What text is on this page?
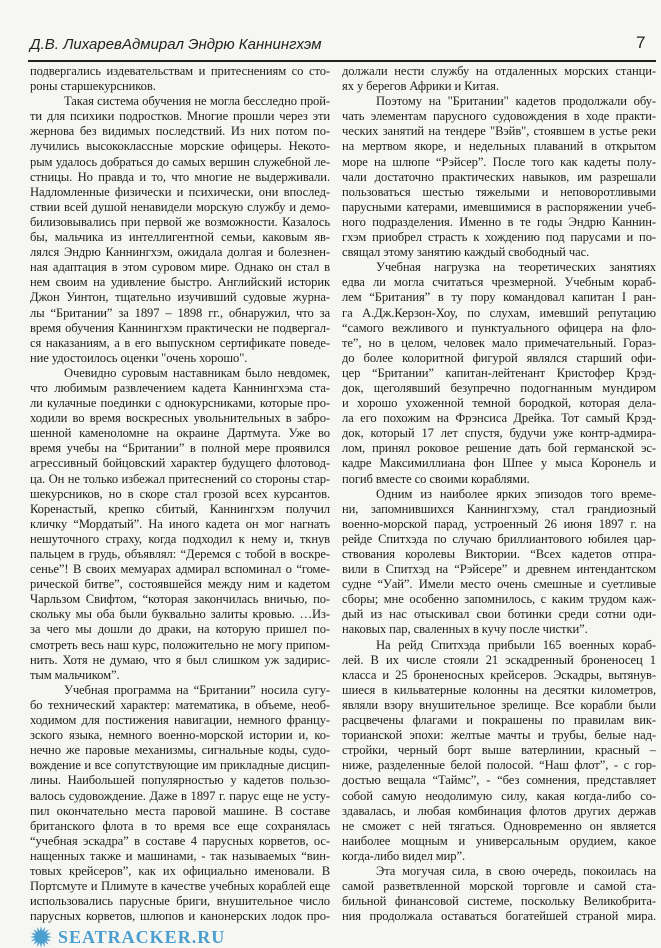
Д.В. Лихарев Адмирал Эндрю Каннингхэм	7
подвергались издевательствам и притеснениям со сто-
роны старшекурсников.
Такая система обучения не могла бесследно прой-
ти для психики подростков. Многие прошли через эти
жернова без видимых последствий. Из них потом по-
лучились высококлассные морские офицеры. Некото-
рым удалось добраться до самых вершин служебной ле-
стницы. Но правда и то, что многие не выдерживали.
Надломленные физически и психически, они впослед-
ствии всей душой ненавидели морскую службу и демо-
билизовывались при первой же возможности. Казалось
бы, мальчика из интеллигентной семьи, каковым яв-
лялся Эндрю Каннингхэм, ожидала долгая и болезнен-
ная адаптация в этом суровом мире. Однако он стал в
нем своим на удивление быстро. Английский историк
Джон Уинтон, тщательно изучивший судовые журна-
лы “Британии” за 1897 – 1898 гг., обнаружил, что за
время обучения Каннингхэм практически не подвергал-
ся наказаниям, а в его выпускном сертификате поведе-
ние удостоилось оценки "очень хорошо".
Очевидно суровым наставникам было невдомек,
что любимым развлечением кадета Каннингхэма ста-
ли кулачные поединки с однокурсниками, которые про-
ходили во время воскресных увольнительных в забро-
шенной каменоломне на окраине Дартмута. Уже во
время учебы на “Британии” в полной мере проявился
агрессивный бойцовский характер будущего флотовод-
ца. Он не только избежал притеснений со стороны стар-
шекурсников, но в скоре стал грозой всех курсантов.
Коренастый, крепко сбитый, Каннингхэм получил
кличку “Мордатый”. На иного кадета он мог нагнать
нешуточного страху, когда подходил к нему и, ткнув
пальцем в грудь, объявлял: “Деремся с тобой в воскре-
сенье”! В своих мемуарах адмирал вспоминал о “гоме-
рической битве”, состоявшейся между ним и кадетом
Чарльзом Свифтом, “которая закончилась вничью, по-
скольку мы оба были буквально залиты кровью. …Из-
за чего мы дошли до драки, на которую пришел по-
смотреть весь наш курс, положительно не могу припом-
нить. Хотя не думаю, что я был слишком уж задирис-
тым мальчиком”.
Учебная программа на “Британии” носила сугу-
бо технический характер: математика, в объеме, необ-
ходимом для постижения навигации, немного францу-
зского языка, немного военно-морской истории и, ко-
нечно же паровые механизмы, сигнальные коды, судо-
вождение и все сопутствующие им прикладные дисцип-
лины. Наибольшей популярностью у кадетов пользо-
валось судовождение. Даже в 1897 г. парус еще не усту-
пил окончательно места паровой машине. В составе
британского флота в то время все еще сохранялась
“учебная эскадра” в составе 4 парусных корветов, ос-
нащенных также и машинами, - так называемых “вин-
товых крейсеров”, как их официально именовали. В
Портсмуте и Плимуте в качестве учебных кораблей еще
использовались парусные бриги, внушительное число
парусных корветов, шлюпов и канонерских лодок про-
должали нести службу на отдаленных морских станци-
ях у берегов Африки и Китая.
Поэтому на "Британии" кадетов продолжали обу-
чать элементам парусного судовождения в ходе практи-
ческих занятий на тендере "Вэйв", стоявшем в устье реки
на мертвом якоре, и недельных плаваний в открытом
море на шлюпе “Рэйсер”. После того как кадеты полу-
чали достаточно практических навыков, им разрешали
пользоваться шестью тяжелыми и неповоротливыми
парусными катерами, имевшимися в распоряжении учеб-
ного подразделения. Именно в те годы Эндрю Каннин-
гхэм приобрел страсть к хождению под парусами и по-
свящал этому занятию каждый свободный час.
Учебная нагрузка на теоретических занятиях
едва ли могла считаться чрезмерной. Учебным кораб-
лем “Британия” в ту пору командовал капитан I ран-
га А.Дж.Керзон-Хоу, по слухам, имевший репутацию
“самого вежливого и пунктуального офицера на фло-
те”, но в целом, человек мало примечательный. Гораз-
до более колоритной фигурой являлся старший офи-
цер “Британии” капитан-лейтенант Кристофер Крэд-
док, щеголявший безупречно подогнанным мундиром
и хорошо ухоженной темной бородкой, которая дела-
ла его похожим на Фрэнсиса Дрейка. Тот самый Крэд-
док, который 17 лет спустя, будучи уже контр-адмира-
лом, принял роковое решение дать бой германской эс-
кадре Максимиллиана фон Шпее у мыса Коронель и
погиб вместе со своими кораблями.
Одним из наиболее ярких эпизодов того време-
ни, запомнившихся Каннингхэму, стал грандиозный
военно-морской парад, устроенный 26 июня 1897 г. на
рейде Спитхэда по случаю бриллиантового юбилея цар-
ствования королевы Виктории. “Всех кадетов отпра-
вили в Спитхэд на “Рэйсере” и древнем интендантском
судне “Уай”. Имели место очень смешные и суетливые
сборы; мне особенно запомнилось, с каким трудом каж-
дый из нас отыскивал свои ботинки среди сотни оди-
наковых пар, сваленных в кучу после чистки”.
На рейд Спитхэда прибыли 165 военных кораб-
лей. В их числе стояли 21 эскадренный броненосец 1
класса и 25 броненосных крейсеров. Эскадры, вытянув-
шиеся в кильватерные колонны на десятки километров,
являли взору внушительное зрелище. Все корабли были
расцвечены флагами и покрашены по правилам вик-
торианской эпохи: желтые мачты и трубы, белые над-
стройки, черный борт выше ватерлинии, красный –
ниже, разделенные белой полосой. “Наш флот”, - с гор-
достью вещала “Таймс”, - “без сомнения, представляет
собой самую неодолимую силу, какая когда-либо со-
здавалась, и любая комбинация флотов других держав
не сможет с ней тягаться. Одновременно он является
наиболее мощным и универсальным орудием, какое
когда-либо видел мир”.
Эта могучая сила, в свою очередь, покоилась на
самой разветвленной морской торговле и самой ста-
бильной финансовой системе, поскольку Великобрита-
ния продолжала оставаться богатейшей страной мира.
SEATRACKER.RU
